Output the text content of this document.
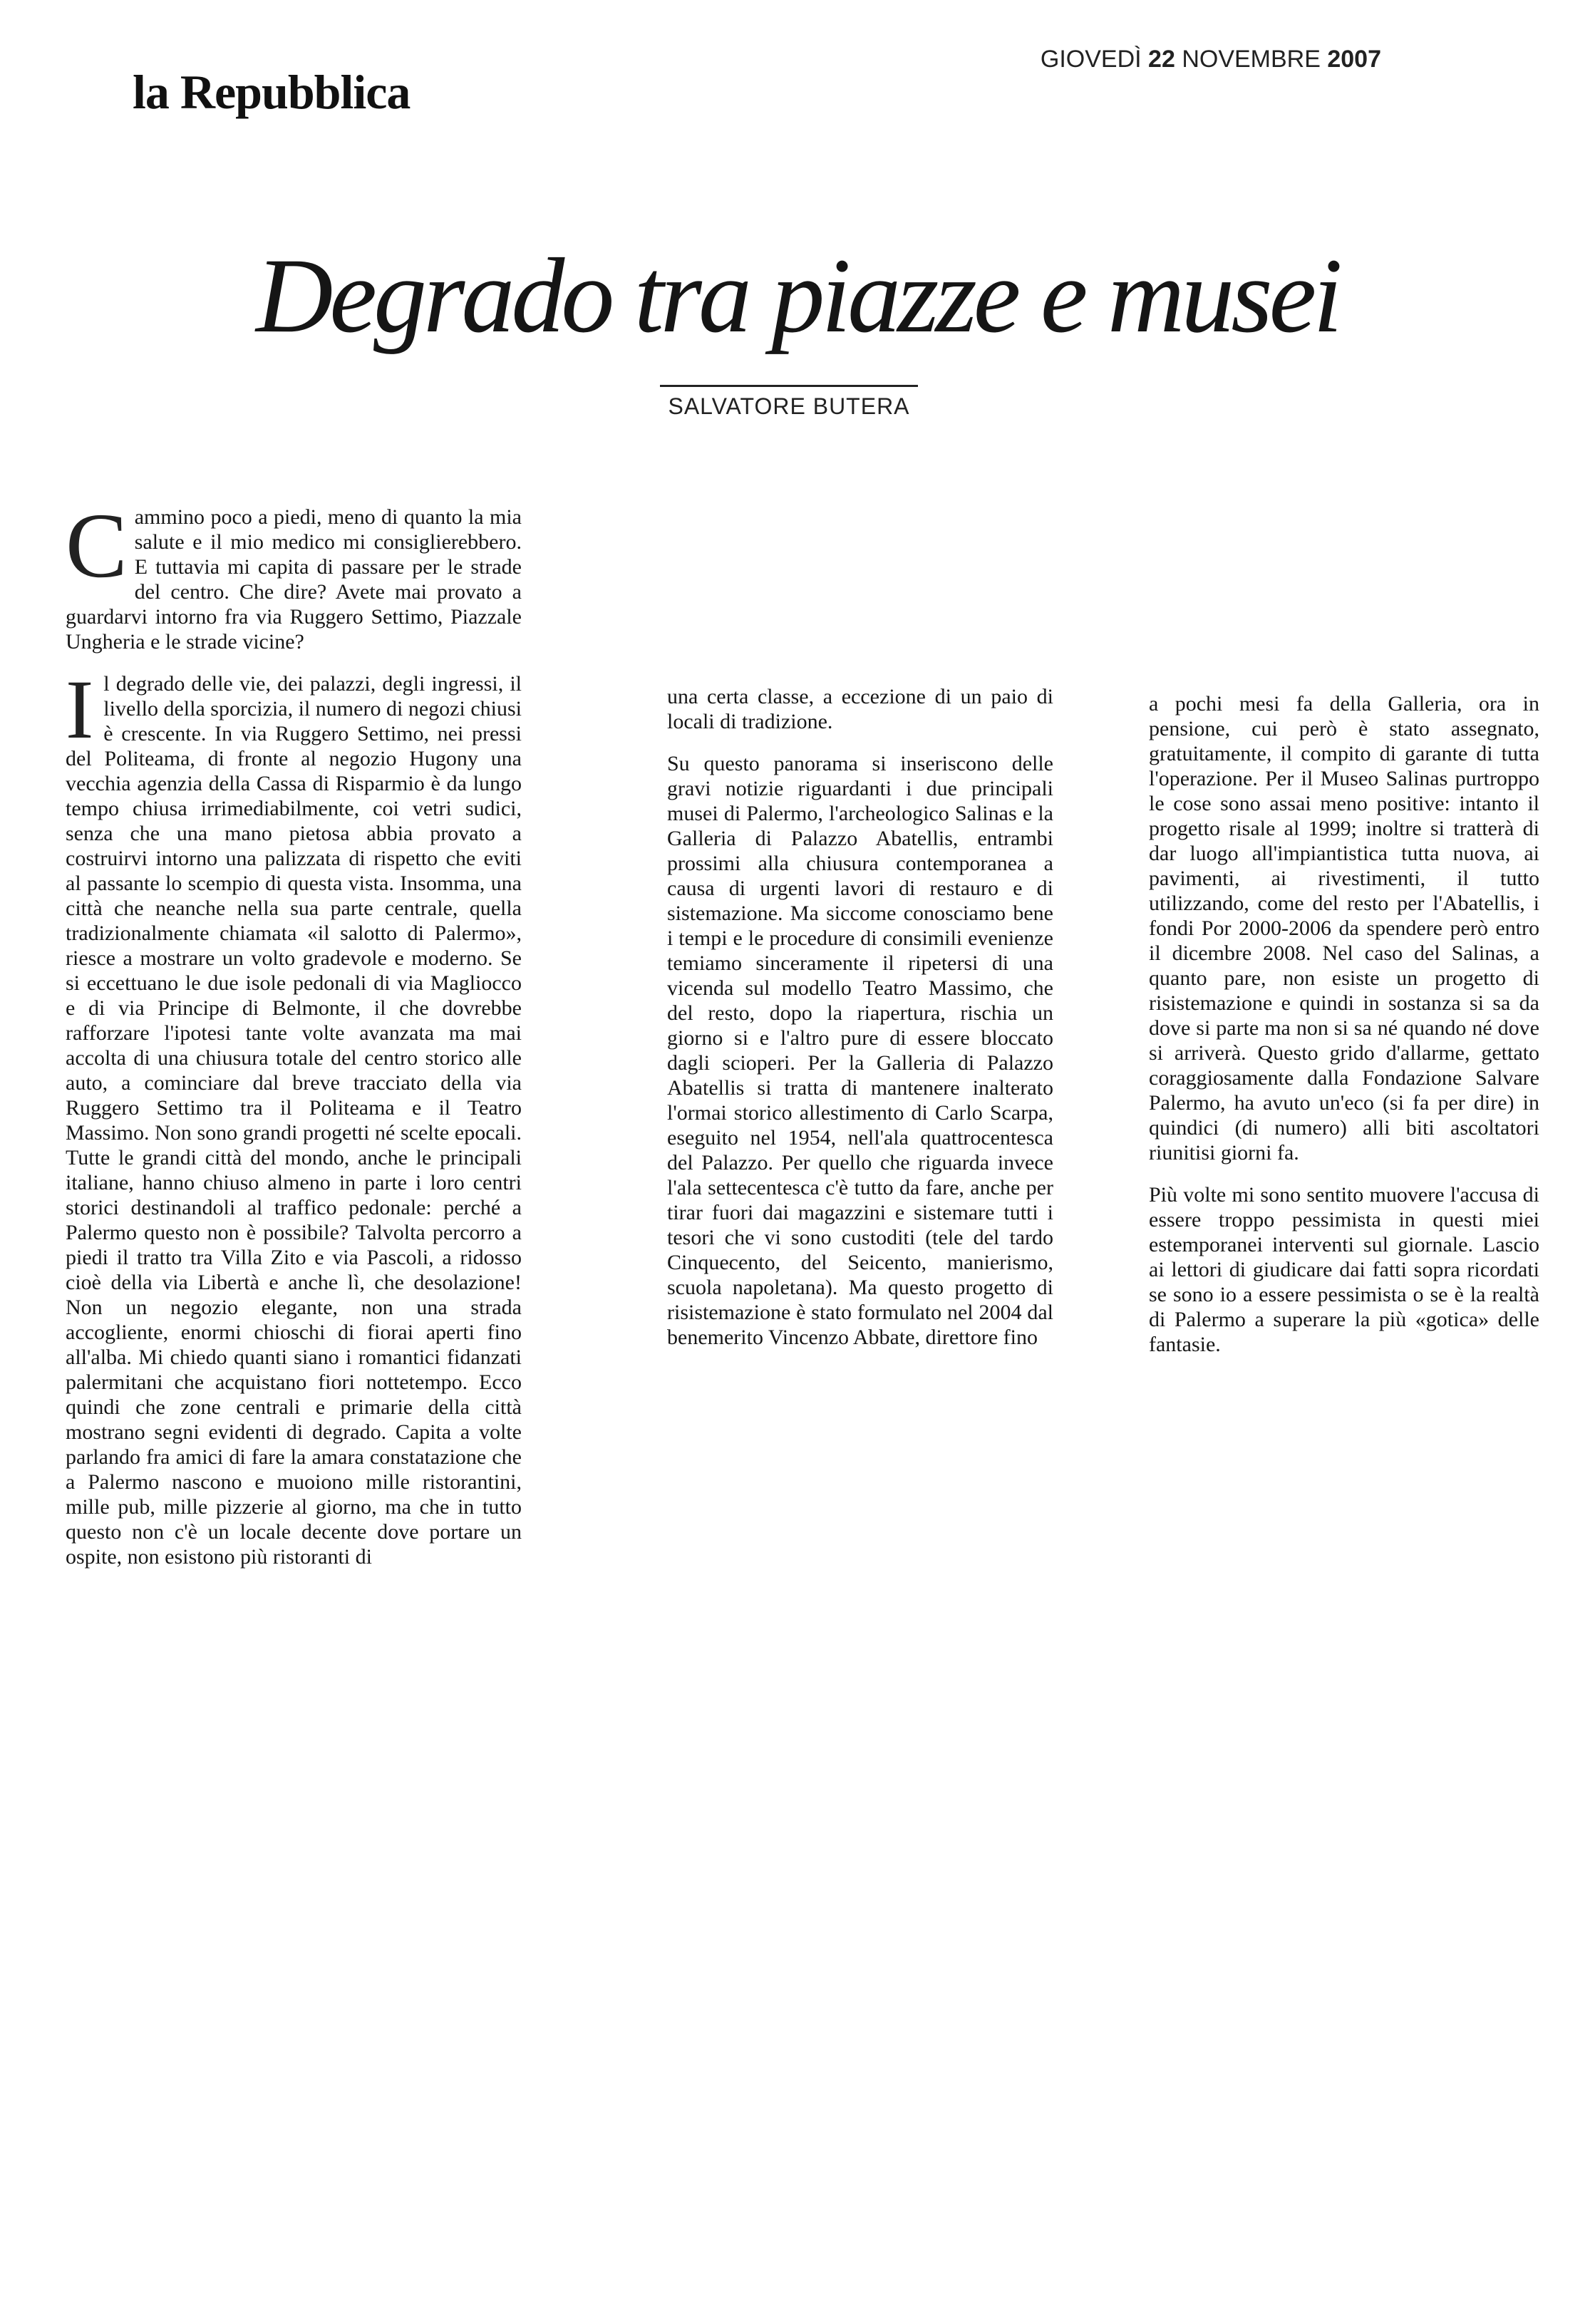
la Repubblica
GIOVEDÌ 22 NOVEMBRE 2007
Degrado tra piazze e musei
SALVATORE BUTERA

Cammino poco a piedi, meno di quanto la mia salute e il mio medico mi consiglierebbero. E tuttavia mi capita di passare per le strade del centro. Che dire? Avete mai provato a guardarvi intorno fra via Ruggero Settimo, Piazzale Ungheria e le strade vicine?

Il degrado delle vie, dei palazzi, degli ingressi, il livello della sporcizia, il numero di negozi chiusi è crescente. In via Ruggero Settimo, nei pressi del Politeama, di fronte al negozio Hugony una vecchia agenzia della Cassa di Risparmio è da lungo tempo chiusa irrimediabilmente, coi vetri sudici, senza che una mano pietosa abbia provato a costruirvi intorno una palizzata di rispetto che eviti al passante lo scempio di questa vista. Insomma, una città che neanche nella sua parte centrale, quella tradizionalmente chiamata «il salotto di Palermo», riesce a mostrare un volto gradevole e moderno. Se si eccettuano le due isole pedonali di via Magliocco e di via Principe di Belmonte, il che dovrebbe rafforzare l'ipotesi tante volte avanzata ma mai accolta di una chiusura totale del centro storico alle auto, a cominciare dal breve tracciato della via Ruggero Settimo tra il Politeama e il Teatro Massimo. Non sono grandi progetti né scelte epocali. Tutte le grandi città del mondo, anche le principali italiane, hanno chiuso almeno in parte i loro centri storici destinandoli al traffico pedonale: perché a Palermo questo non è possibile? Talvolta percorro a piedi il tratto tra Villa Zito e via Pascoli, a ridosso cioè della via Libertà e anche lì, che desolazione! Non un negozio elegante, non una strada accogliente, enormi chioschi di fiorai aperti fino all'alba. Mi chiedo quanti siano i romantici fidanzati palermitani che acquistano fiori nottetempo. Ecco quindi che zone centrali e primarie della città mostrano segni evidenti di degrado. Capita a volte parlando fra amici di fare la amara constatazione che a Palermo nascono e muoiono mille ristorantini, mille pub, mille pizzerie al giorno, ma che in tutto questo non c'è un locale decente dove portare un ospite, non esistono più ristoranti di

una certa classe, a eccezione di un paio di locali di tradizione.

Su questo panorama si inseriscono delle gravi notizie riguardanti i due principali musei di Palermo, l'archeologico Salinas e la Galleria di Palazzo Abatellis, entrambi prossimi alla chiusura contemporanea a causa di urgenti lavori di restauro e di sistemazione. Ma siccome conosciamo bene i tempi e le procedure di consimili evenienze temiamo sinceramente il ripetersi di una vicenda sul modello Teatro Massimo, che del resto, dopo la riapertura, rischia un giorno si e l'altro pure di essere bloccato dagli scioperi. Per la Galleria di Palazzo Abatellis si tratta di mantenere inalterato l'ormai storico allestimento di Carlo Scarpa, eseguito nel 1954, nell'ala quattrocentesca del Palazzo. Per quello che riguarda invece l'ala settecentesca c'è tutto da fare, anche per tirar fuori dai magazzini e sistemare tutti i tesori che vi sono custoditi (tele del tardo Cinquecento, del Seicento, manierismo, scuola napoletana). Ma questo progetto di risistemazione è stato formulato nel 2004 dal benemerito Vincenzo Abbate, direttore fino

a pochi mesi fa della Galleria, ora in pensione, cui però è stato assegnato, gratuitamente, il compito di garante di tutta l'operazione. Per il Museo Salinas purtroppo le cose sono assai meno positive: intanto il progetto risale al 1999; inoltre si tratterà di dar luogo all'impiantistica tutta nuova, ai pavimenti, ai rivestimenti, il tutto utilizzando, come del resto per l'Abatellis, i fondi Por 2000-2006 da spendere però entro il dicembre 2008. Nel caso del Salinas, a quanto pare, non esiste un progetto di risistemazione e quindi in sostanza si sa da dove si parte ma non si sa né quando né dove si arriverà. Questo grido d'allarme, gettato coraggiosamente dalla Fondazione Salvare Palermo, ha avuto un'eco (si fa per dire) in quindici (di numero) alli biti ascoltatori riunitisi giorni fa.

Più volte mi sono sentito muovere l'accusa di essere troppo pessimista in questi miei estemporanei interventi sul giornale. Lascio ai lettori di giudicare dai fatti sopra ricordati se sono io a essere pessimista o se è la realtà di Palermo a superare la più «gotica» delle fantasie.
